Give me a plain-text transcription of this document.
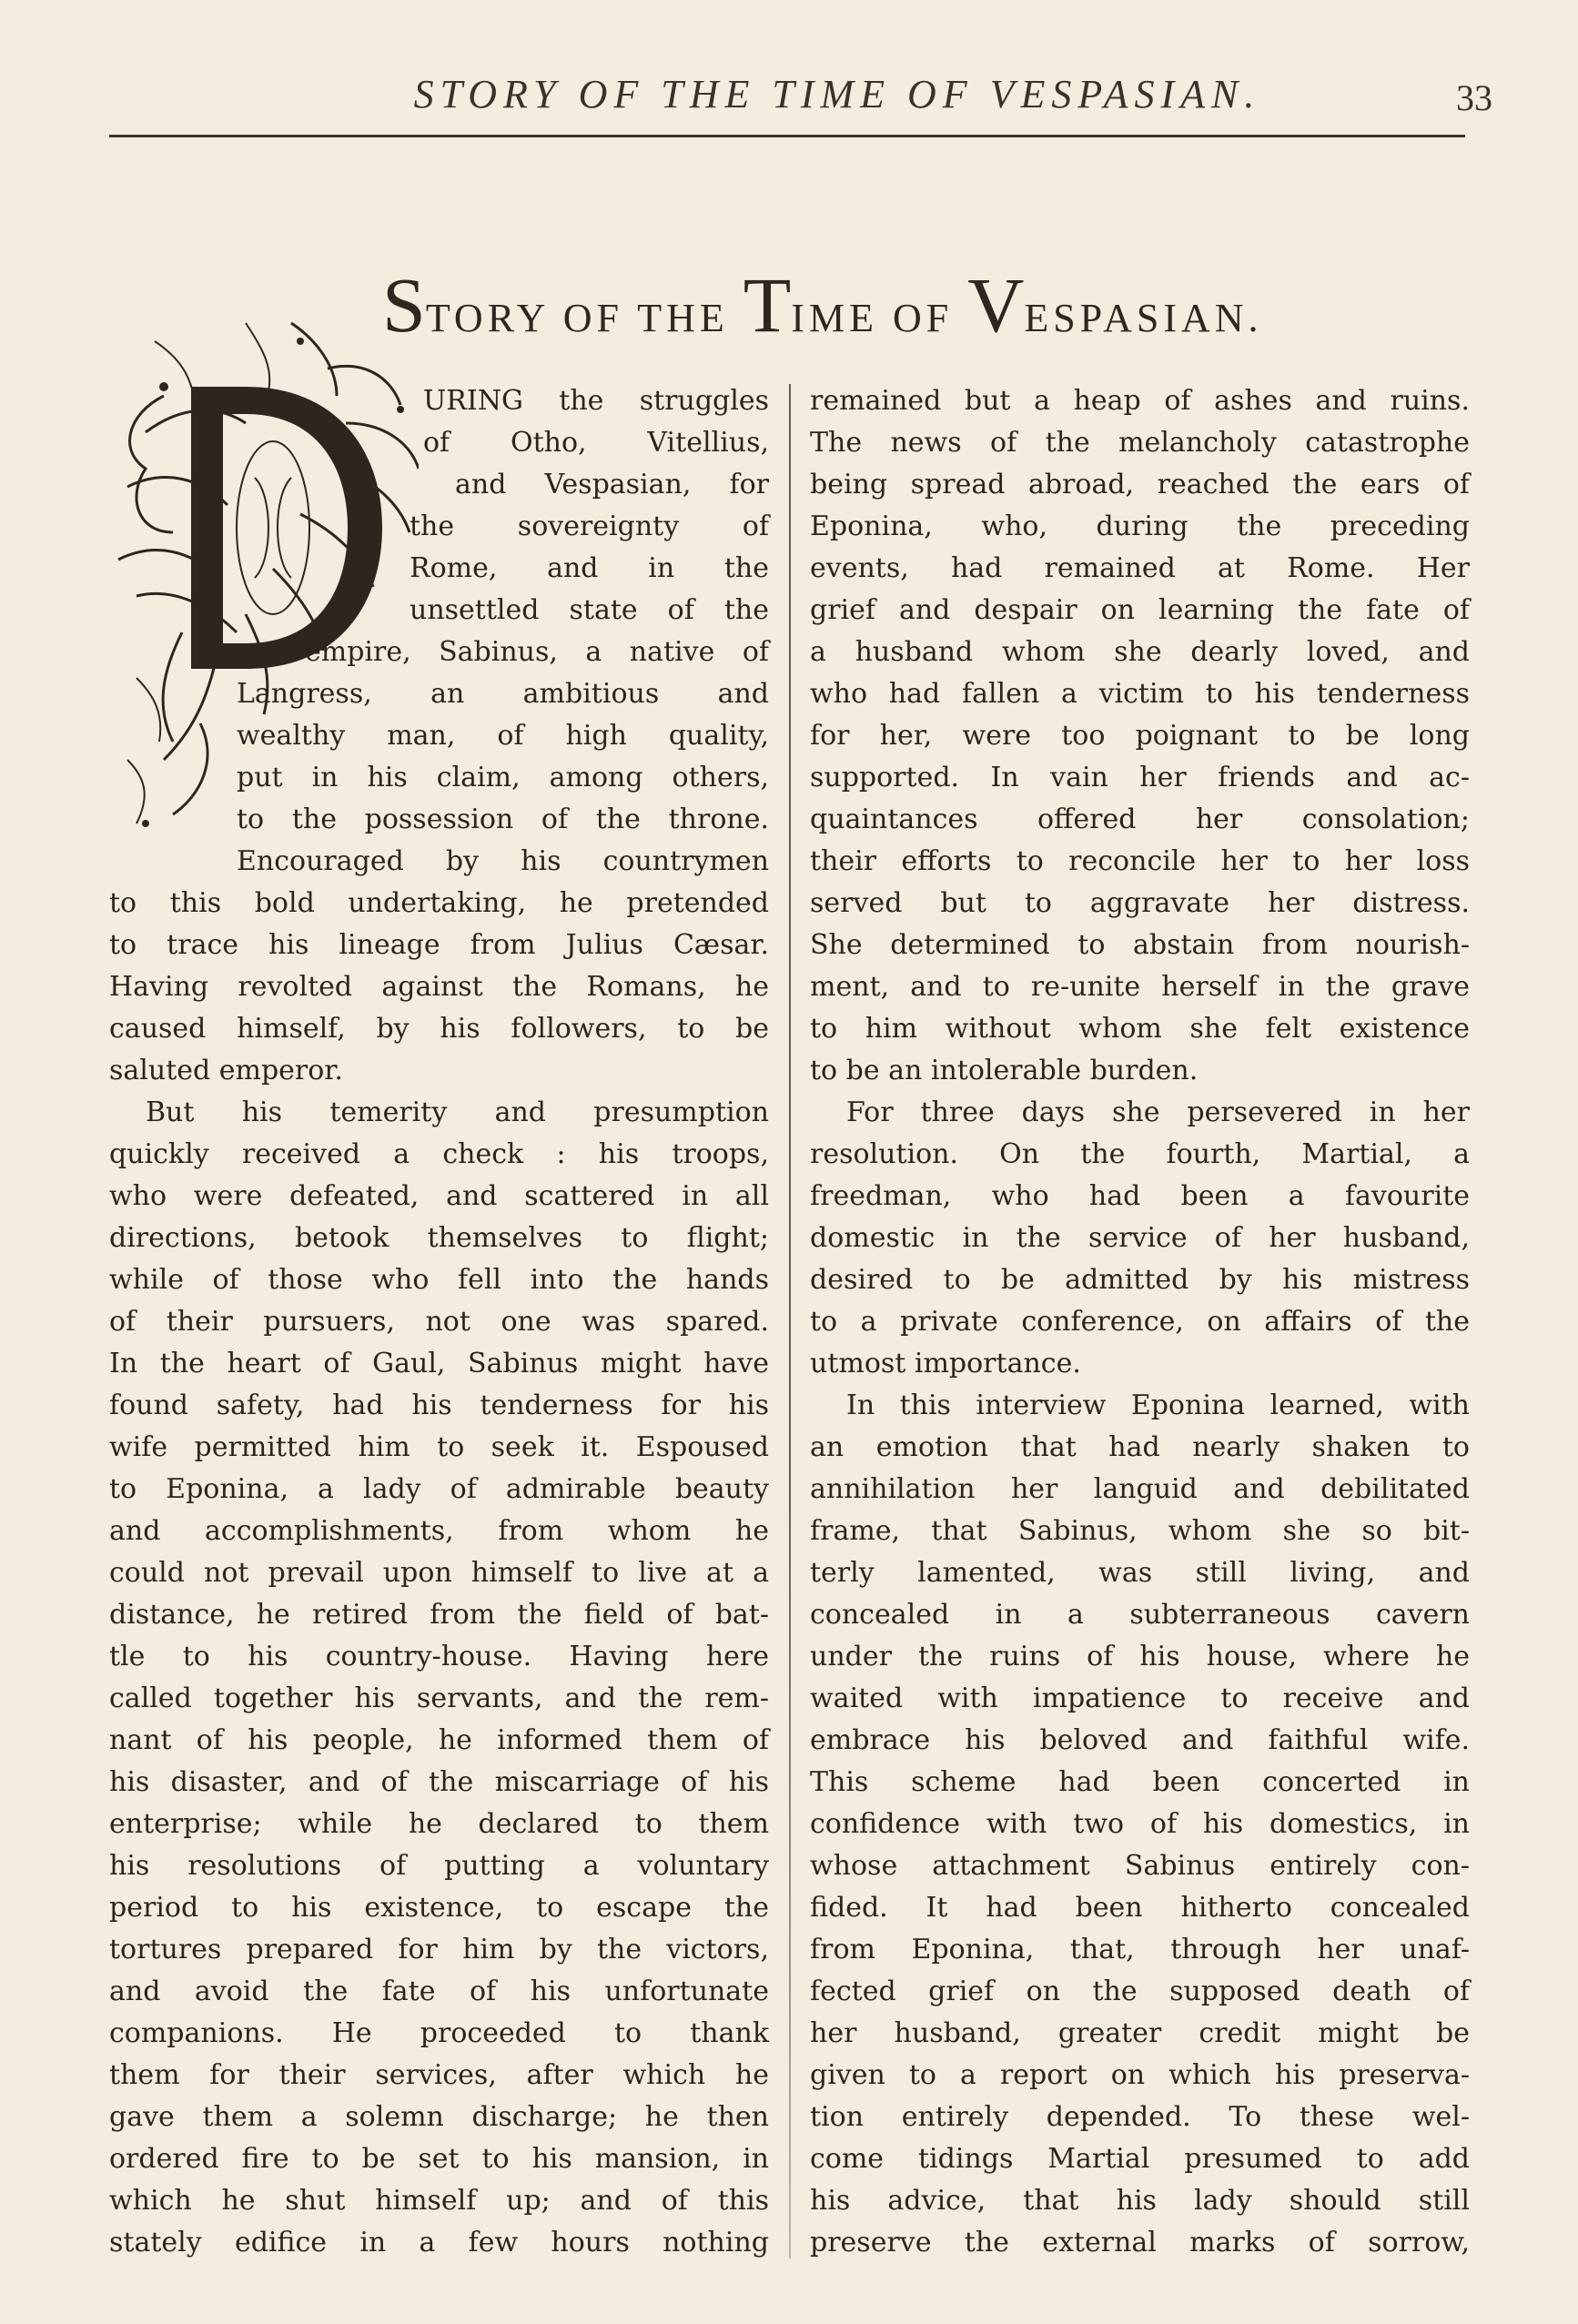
STORY OF THE TIME OF VESPASIAN.	33
STORY OF THE TIME OF VESPASIAN.
URING the struggles
of Otho, Vitellius,
and Vespasian, for
the sovereignty of
Rome, and in the
unsettled state of the
empire, Sabinus, a native of
Langress, an ambitious and
wealthy man, of high quality,
put in his claim, among others,
to the possession of the throne.
Encouraged by his countrymen
to this bold undertaking, he pretended
to trace his lineage from Julius Cæsar.
Having revolted against the Romans, he
caused himself, by his followers, to be
saluted emperor.
But his temerity and presumption
quickly received a check : his troops,
who were defeated, and scattered in all
directions, betook themselves to flight;
while of those who fell into the hands
of their pursuers, not one was spared.
In the heart of Gaul, Sabinus might have
found safety, had his tenderness for his
wife permitted him to seek it. Espoused
to Eponina, a lady of admirable beauty
and accomplishments, from whom he
could not prevail upon himself to live at a
distance, he retired from the field of bat-
tle to his country-house. Having here
called together his servants, and the rem-
nant of his people, he informed them of
his disaster, and of the miscarriage of his
enterprise; while he declared to them
his resolutions of putting a voluntary
period to his existence, to escape the
tortures prepared for him by the victors,
and avoid the fate of his unfortunate
companions. He proceeded to thank
them for their services, after which he
gave them a solemn discharge; he then
ordered fire to be set to his mansion, in
which he shut himself up; and of this
stately edifice in a few hours nothing
remained but a heap of ashes and ruins.
The news of the melancholy catastrophe
being spread abroad, reached the ears of
Eponina, who, during the preceding
events, had remained at Rome. Her
grief and despair on learning the fate of
a husband whom she dearly loved, and
who had fallen a victim to his tenderness
for her, were too poignant to be long
supported. In vain her friends and ac-
quaintances offered her consolation;
their efforts to reconcile her to her loss
served but to aggravate her distress.
She determined to abstain from nourish-
ment, and to re-unite herself in the grave
to him without whom she felt existence
to be an intolerable burden.
For three days she persevered in her
resolution. On the fourth, Martial, a
freedman, who had been a favourite
domestic in the service of her husband,
desired to be admitted by his mistress
to a private conference, on affairs of the
utmost importance.
In this interview Eponina learned, with
an emotion that had nearly shaken to
annihilation her languid and debilitated
frame, that Sabinus, whom she so bit-
terly lamented, was still living, and
concealed in a subterraneous cavern
under the ruins of his house, where he
waited with impatience to receive and
embrace his beloved and faithful wife.
This scheme had been concerted in
confidence with two of his domestics, in
whose attachment Sabinus entirely con-
fided. It had been hitherto concealed
from Eponina, that, through her unaf-
fected grief on the supposed death of
her husband, greater credit might be
given to a report on which his preserva-
tion entirely depended. To these wel-
come tidings Martial presumed to add
his advice, that his lady should still
preserve the external marks of sorrow,
